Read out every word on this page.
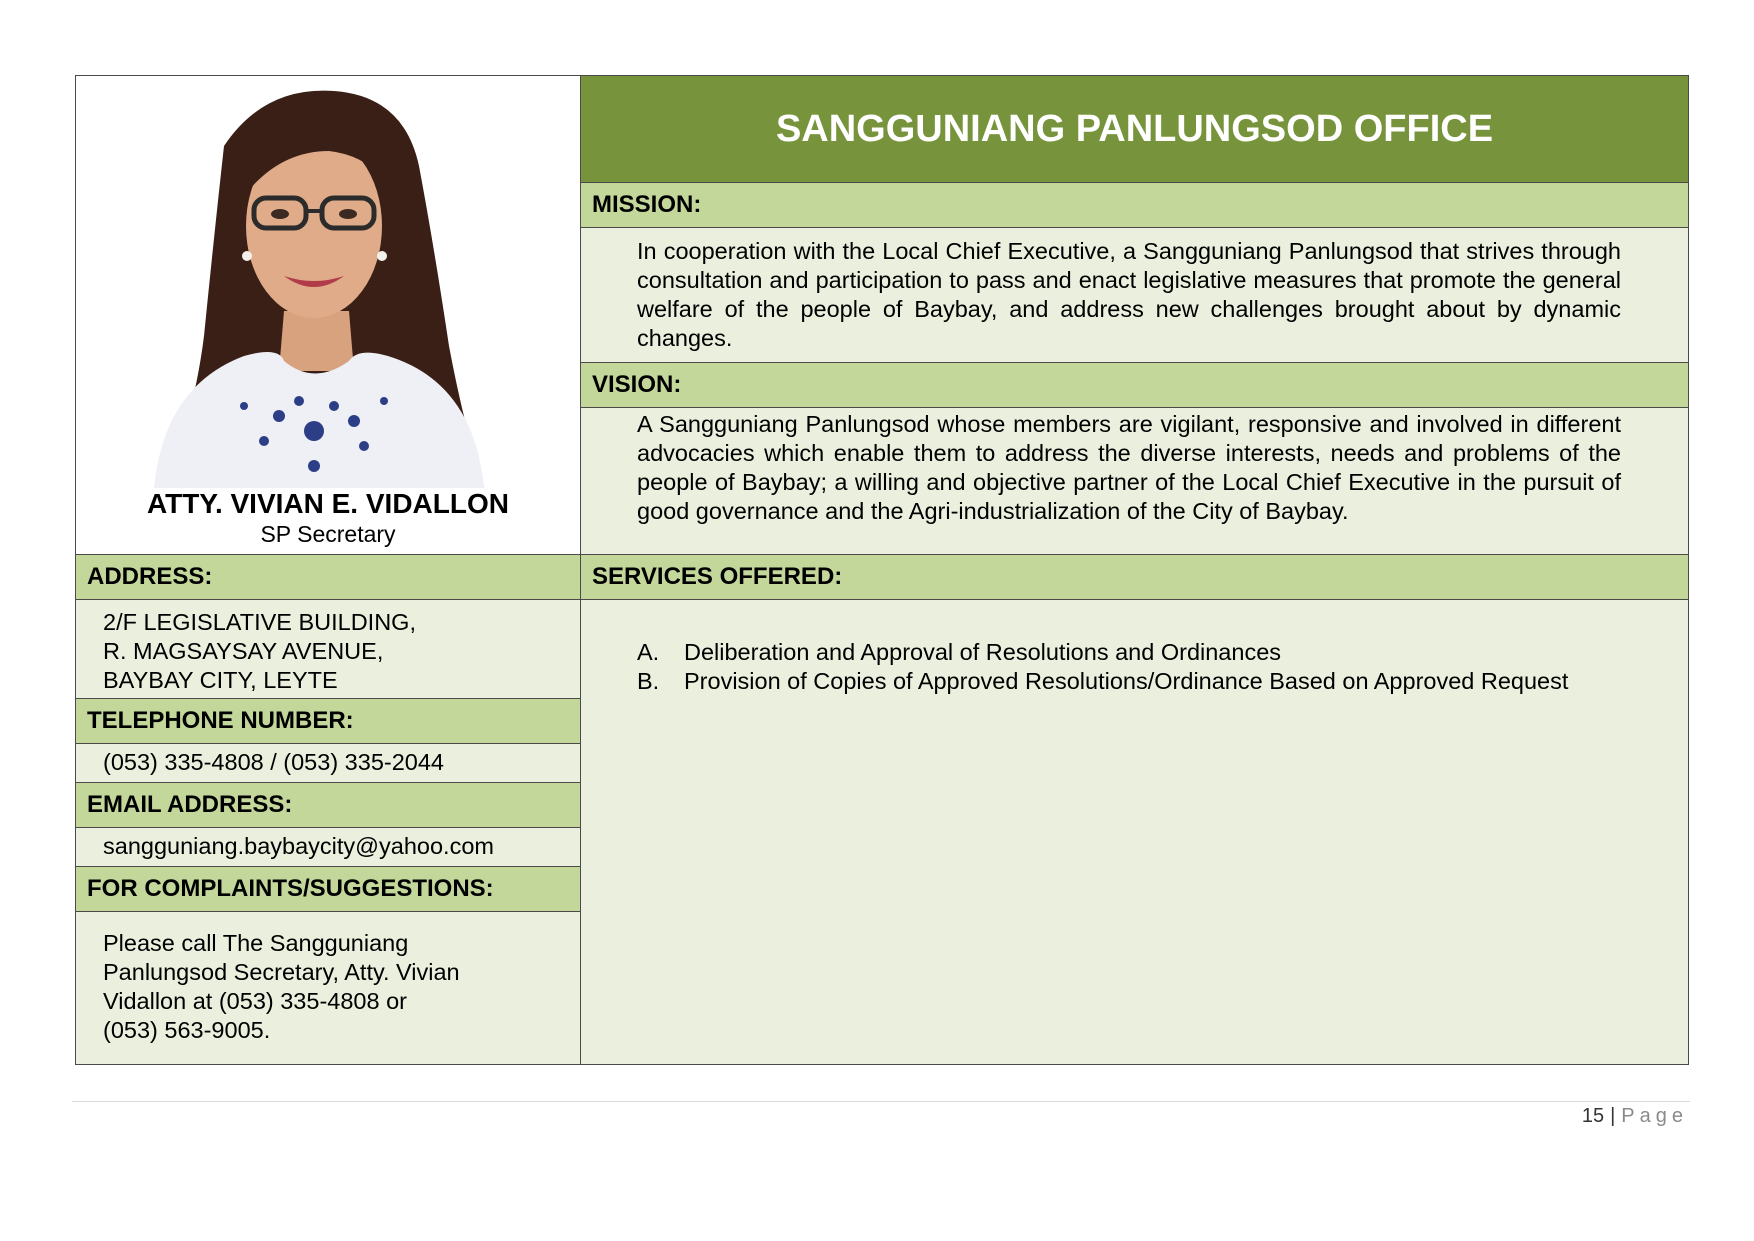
ATTY. VIVIAN E. VIDALLON
SP Secretary
ADDRESS:
2/F LEGISLATIVE BUILDING,
R. MAGSAYSAY AVENUE,
BAYBAY CITY, LEYTE
TELEPHONE NUMBER:
(053) 335-4808 / (053) 335-2044
EMAIL ADDRESS:
sangguniang.baybaycity@yahoo.com
FOR COMPLAINTS/SUGGESTIONS:
Please call The Sangguniang
Panlungsod Secretary, Atty. Vivian
Vidallon at (053) 335-4808 or
(053) 563-9005.
SANGGUNIANG PANLUNGSOD OFFICE
MISSION:
In cooperation with the Local Chief Executive, a Sangguniang Panlungsod that strives through consultation and participation to pass and enact legislative measures that promote the general welfare of the people of Baybay, and address new challenges brought about by dynamic changes.
VISION:
A Sangguniang Panlungsod whose members are vigilant, responsive and involved in different advocacies which enable them to address the diverse interests, needs and problems of the people of Baybay; a willing and objective partner of the Local Chief Executive in the pursuit of good governance and the Agri-industrialization of the City of Baybay.
SERVICES OFFERED:
A.	Deliberation and Approval of Resolutions and Ordinances
B.	Provision of Copies of Approved Resolutions/Ordinance Based on Approved Request
15 | Page
